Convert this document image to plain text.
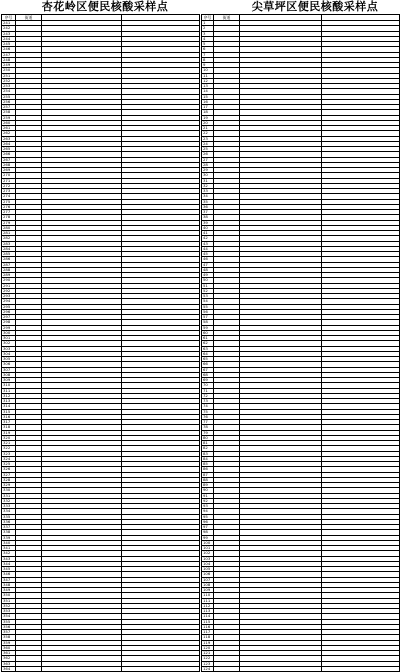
杏花岭区便民核酸采样点
序号	街道		
241			
242			
243			
244			
245			
246			
247			
248			
249			
250			
251			
252			
253			
254			
255			
256			
257			
258			
259			
260			
261			
262			
263			
264			
265			
266			
267			
268			
269			
270			
271			
272			
273			
274			
275			
276			
277			
278			
279			
280			
281			
282			
283			
284			
285			
286			
287			
288			
289			
290			
291			
292			
293			
294			
295			
296			
297			
298			
299			
300			
301			
302			
303			
304			
305			
306			
307			
308			
309			
310			
311			
312			
313			
314			
315			
316			
317			
318			
319			
320			
321			
322			
323			
324			
325			
326			
327			
328			
329			
330			
331			
332			
333			
334			
335			
336			
337			
338			
339			
340			
341			
342			
343			
344			
345			
346			
347			
348			
349			
350			
351			
352			
353			
354			
355			
356			
357			
358			
359			
360			
361			
362			
363			
364			
尖草坪区便民核酸采样点
序号	街道		
1			
2			
3			
4			
5			
6			
7			
8			
9			
10			
11			
12			
13			
14			
15			
16			
17			
18			
19			
20			
21			
22			
23			
24			
25			
26			
27			
28			
29			
30			
31			
32			
33			
34			
35			
36			
37			
38			
39			
40			
41			
42			
43			
44			
45			
46			
47			
48			
49			
50			
51			
52			
53			
54			
55			
56			
57			
58			
59			
60			
61			
62			
63			
64			
65			
66			
67			
68			
69			
70			
71			
72			
73			
74			
75			
76			
77			
78			
79			
80			
81			
82			
83			
84			
85			
86			
87			
88			
89			
90			
91			
92			
93			
94			
95			
96			
97			
98			
99			
100			
101			
102			
103			
104			
105			
106			
107			
108			
109			
110			
111			
112			
113			
114			
115			
116			
117			
118			
119			
120			
121			
122			
123			
124			
